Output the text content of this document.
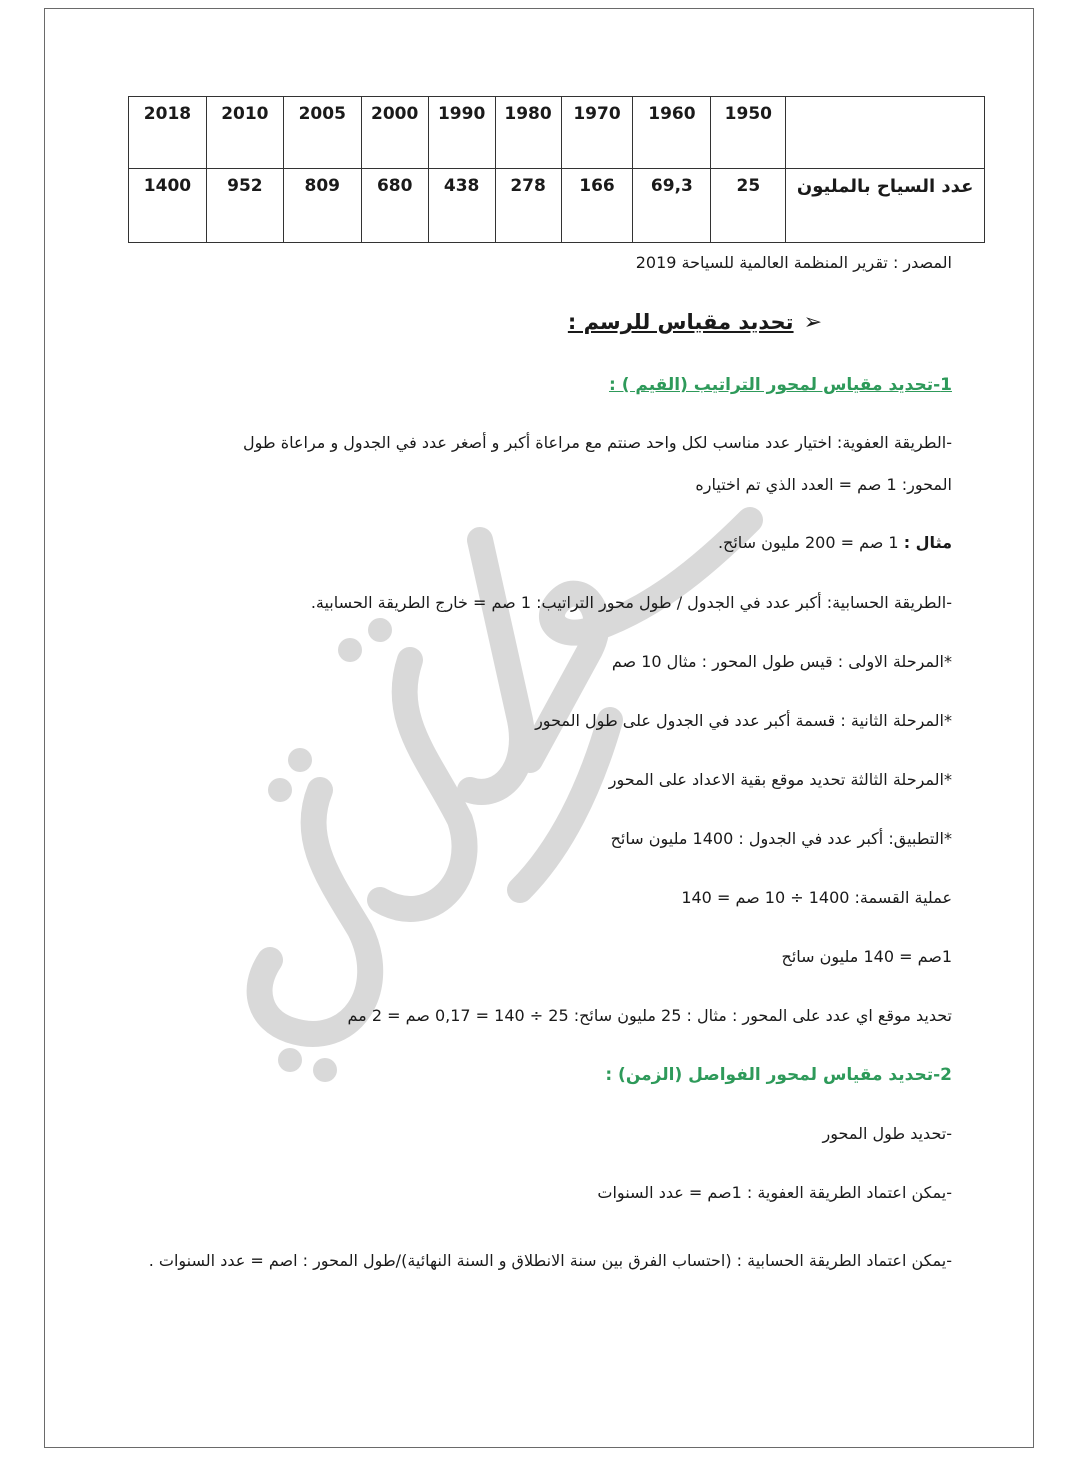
2018	2010	2005	2000	1990	1980	1970	1960	1950	
1400	952	809	680	438	278	166	69,3	25	عدد السياح بالمليون
المصدر : تقرير المنظمة العالمية للسياحة 2019
➢تحديد مقياس للرسم :
1-تحديد مقياس لمحور التراتيب (القيم ) :
-الطريقة العفوية: اختيار عدد مناسب لكل واحد صنتم مع مراعاة أكبر و أصغر عدد في الجدول و مراعاة طول
المحور: 1 صم = العدد الذي تم اختياره
مثال : 1 صم = 200 مليون سائح.
-الطريقة الحسابية: أكبر عدد في الجدول / طول محور التراتيب: 1 صم = خارج الطريقة الحسابية.
*المرحلة الاولى : قيس طول المحور : مثال 10 صم
*المرحلة الثانية : قسمة أكبر عدد في الجدول على طول المحور
*المرحلة الثالثة تحديد موقع بقية الاعداد على المحور
*التطبيق: أكبر عدد في الجدول : 1400 مليون سائح
عملية القسمة: 1400 ÷ 10 صم = 140
1صم = 140 مليون سائح
تحديد موقع اي عدد على المحور : مثال : 25 مليون سائح: 25 ÷ 140 = 0,17 صم = 2 مم
2-تحديد مقياس لمحور الفواصل (الزمن) :
-تحديد طول المحور
-يمكن اعتماد الطريقة العفوية : 1صم = عدد السنوات
-يمكن اعتماد الطريقة الحسابية : (احتساب الفرق بين سنة الانطلاق و السنة النهائية)/طول المحور : اصم = عدد السنوات .
